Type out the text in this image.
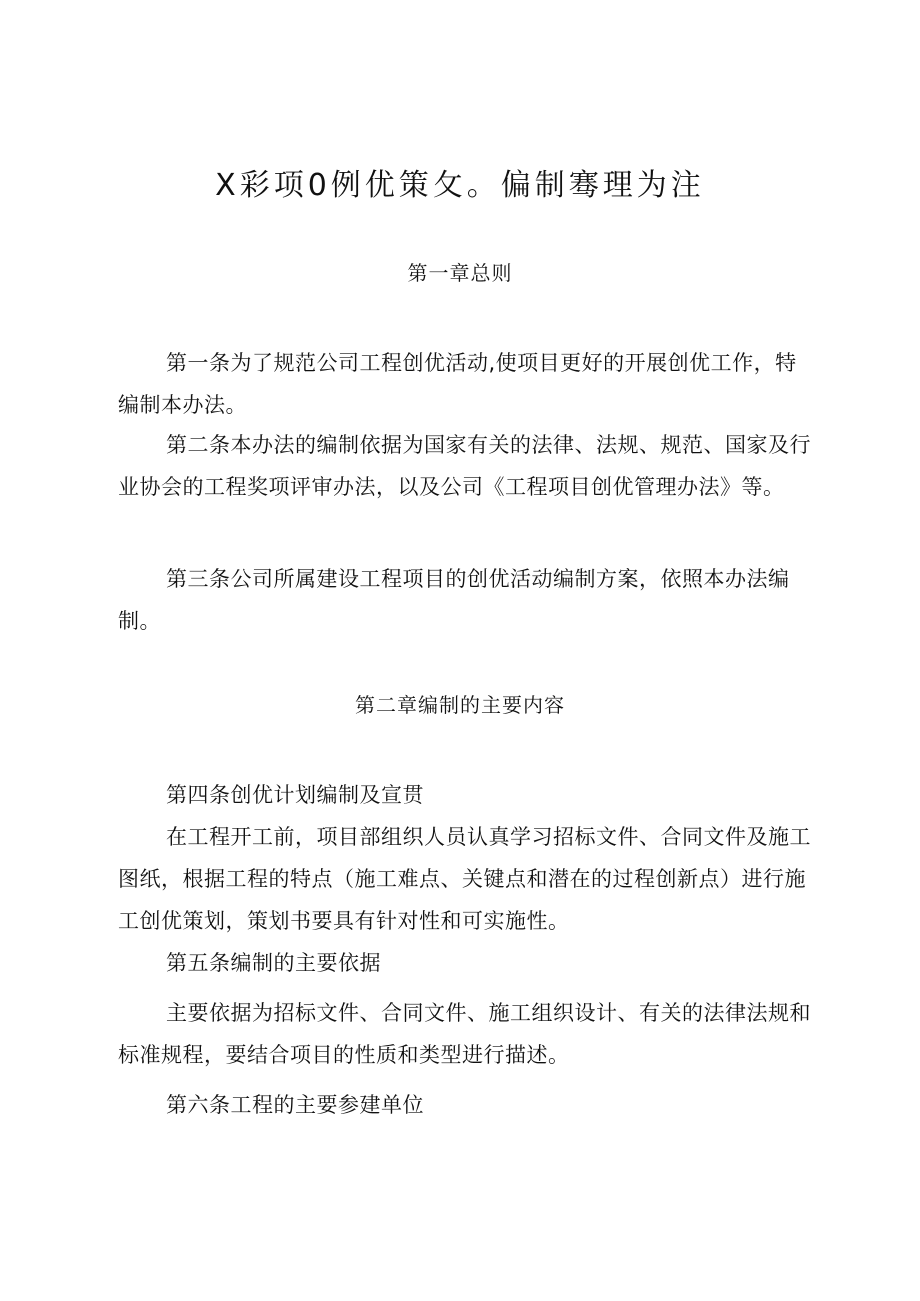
X彩项0例优策攵。偏制骞理为注
第一章总则

第一条为了规范公司工程创优活动,使项目更好的开展创优工作，特编制本办法。

第二条本办法的编制依据为国家有关的法律、法规、规范、国家及行业协会的工程奖项评审办法，以及公司《工程项目创优管理办法》等。

第三条公司所属建设工程项目的创优活动编制方案，依照本办法编制。

第二章编制的主要内容

第四条创优计划编制及宣贯

在工程开工前，项目部组织人员认真学习招标文件、合同文件及施工图纸，根据工程的特点（施工难点、关键点和潜在的过程创新点）进行施工创优策划，策划书要具有针对性和可实施性。

第五条编制的主要依据

主要依据为招标文件、合同文件、施工组织设计、有关的法律法规和标准规程，要结合项目的性质和类型进行描述。

第六条工程的主要参建单位
